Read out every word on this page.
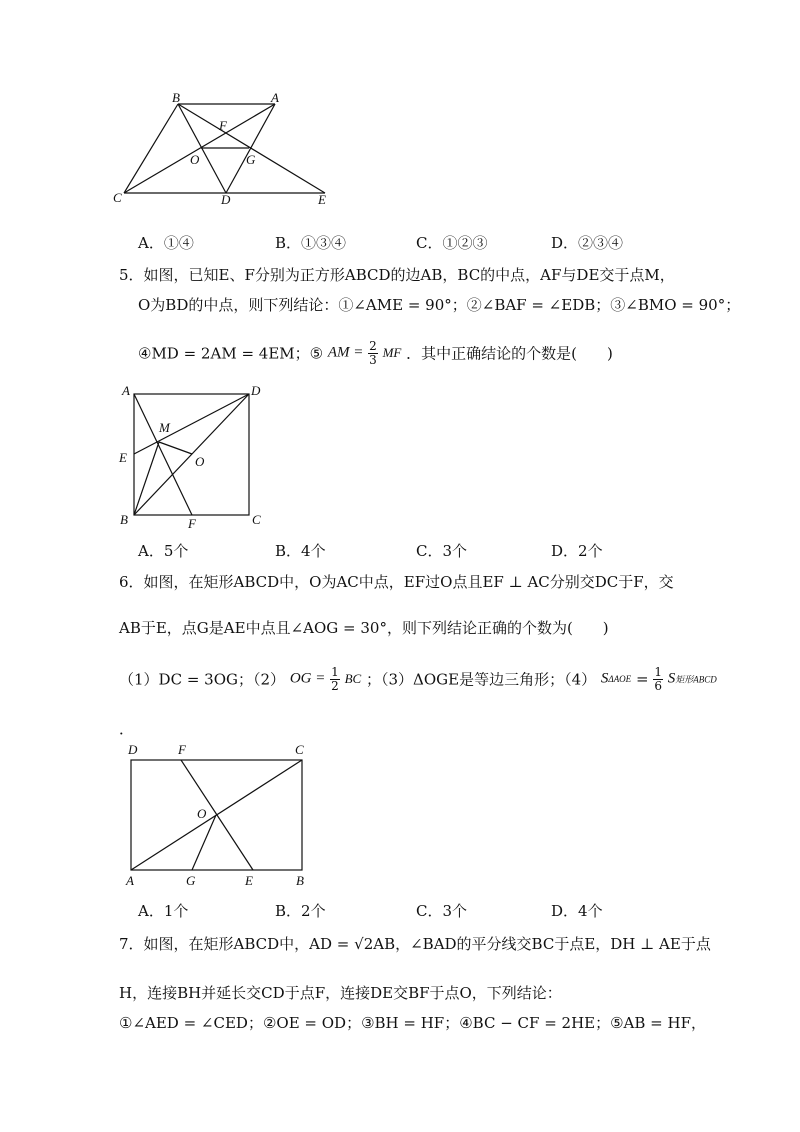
B	A
F
O	G
C	D	E
A．①④	B．①③④	C．①②③	D．②③④
5．如图，已知E、F分别为正方形ABCD的边AB，BC的中点，AF与DE交于点M，
O为BD的中点，则下列结论：①∠AME = 90°；②∠BAF = ∠EDB；③∠BMO = 90°；
④MD = 2AM = 4EM；⑤ AM = $\frac{2}{3}$ MF ．其中正确结论的个数是(　　)
A	D
M
E	O
B	F	C
A．5个	B．4个	C．3个	D．2个
6．如图，在矩形ABCD中，O为AC中点，EF过O点且EF ⊥ AC分别交DC于F，交
AB于E，点G是AE中点且∠AOG = 30°，则下列结论正确的个数为(　　)
（1）DC = 3OG；（2） OG = $\frac{1}{2}$ BC ；（3）ΔOGE是等边三角形；（4） $S\Delta AOE = \frac{1}{6}$ S矩形ABCD
．
D	F	C
O
A	G	E	B
A．1个	B．2个	C．3个	D．4个
7．如图，在矩形ABCD中，AD = √2AB，∠BAD的平分线交BC于点E，DH ⊥ AE于点
H，连接BH并延长交CD于点F，连接DE交BF于点O，下列结论：
①∠AED = ∠CED；②OE = OD；③BH = HF；④BC − CF = 2HE；⑤AB = HF，
